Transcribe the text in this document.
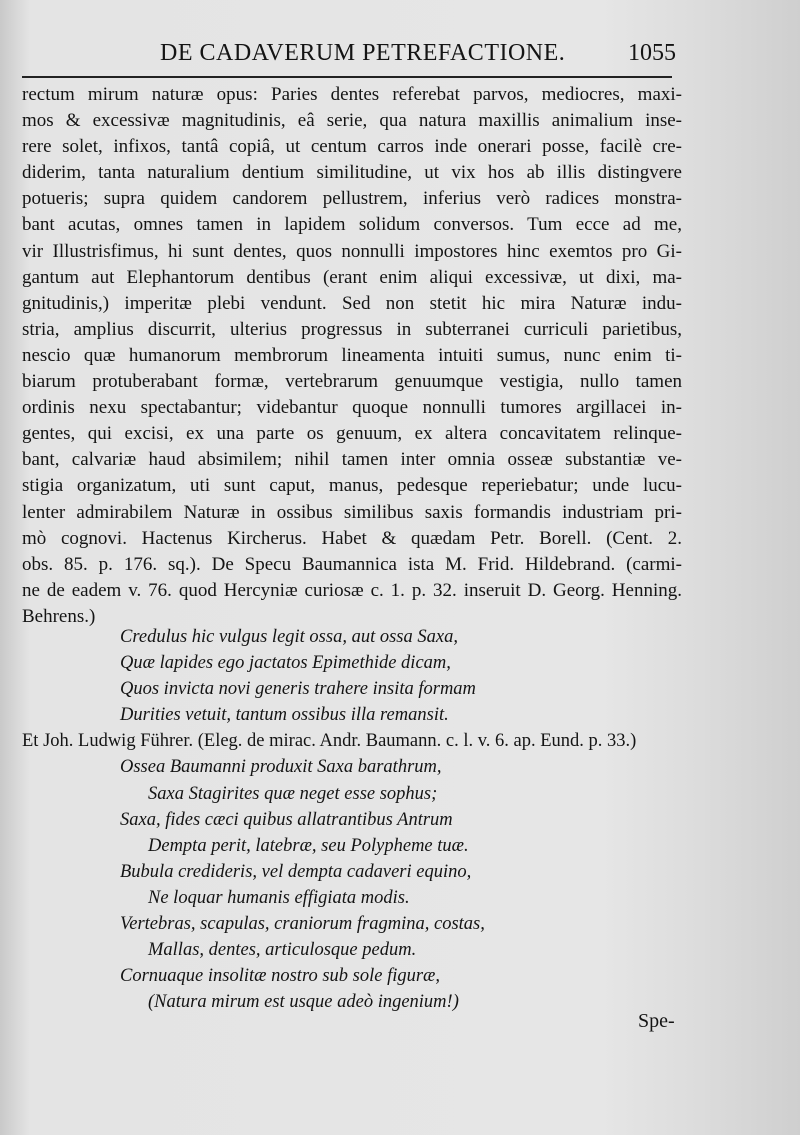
DE CADAVERUM PETREFACTIONE.	1055
rectum mirum naturæ opus: Paries dentes referebat parvos, mediocres, maxi-
mos & excessivæ magnitudinis, eâ serie, qua natura maxillis animalium inse-
rere solet, infixos, tantâ copiâ, ut centum carros inde onerari posse, facilè cre-
diderim, tanta naturalium dentium similitudine, ut vix hos ab illis distingvere
potueris; supra quidem candorem pellustrem, inferius verò radices monstra-
bant acutas, omnes tamen in lapidem solidum conversos. Tum ecce ad me,
vir Illustrisfimus, hi sunt dentes, quos nonnulli impostores hinc exemtos pro Gi-
gantum aut Elephantorum dentibus (erant enim aliqui excessivæ, ut dixi, ma-
gnitudinis,) imperitæ plebi vendunt. Sed non stetit hic mira Naturæ indu-
stria, amplius discurrit, ulterius progressus in subterranei curriculi parietibus,
nescio quæ humanorum membrorum lineamenta intuiti sumus, nunc enim ti-
biarum protuberabant formæ, vertebrarum genuumque vestigia, nullo tamen
ordinis nexu spectabantur; videbantur quoque nonnulli tumores argillacei in-
gentes, qui excisi, ex una parte os genuum, ex altera concavitatem relinque-
bant, calvariæ haud absimilem; nihil tamen inter omnia osseæ substantiæ ve-
stigia organizatum, uti sunt caput, manus, pedesque reperiebatur; unde lucu-
lenter admirabilem Naturæ in ossibus similibus saxis formandis industriam pri-
mò cognovi. Hactenus Kircherus. Habet & quædam Petr. Borell. (Cent. 2.
obs. 85. p. 176. sq.). De Specu Baumannica ista M. Frid. Hildebrand. (carmi-
ne de eadem v. 76. quod Hercyniæ curiosæ c. 1. p. 32. inseruit D. Georg. Henning.
Behrens.)
Credulus hic vulgus legit ossa, aut ossa Saxa,
Quæ lapides ego jactatos Epimethide dicam,
Quos invicta novi generis trahere insita formam
Durities vetuit, tantum ossibus illa remansit.
Et Joh. Ludwig Führer. (Eleg. de mirac. Andr. Baumann. c. l. v. 6. ap. Eund. p. 33.)
Ossea Baumanni produxit Saxa barathrum,
Saxa Stagirites quæ neget esse sophus;
Saxa, fides cæci quibus allatrantibus Antrum
Dempta perit, latebræ, seu Polypheme tuæ.
Bubula credideris, vel dempta cadaveri equino,
Ne loquar humanis effigiata modis.
Vertebras, scapulas, craniorum fragmina, costas,
Mallas, dentes, articulosque pedum.
Cornuaque insolitæ nostro sub sole figuræ,
(Natura mirum est usque adeò ingenium!)
Spe-
